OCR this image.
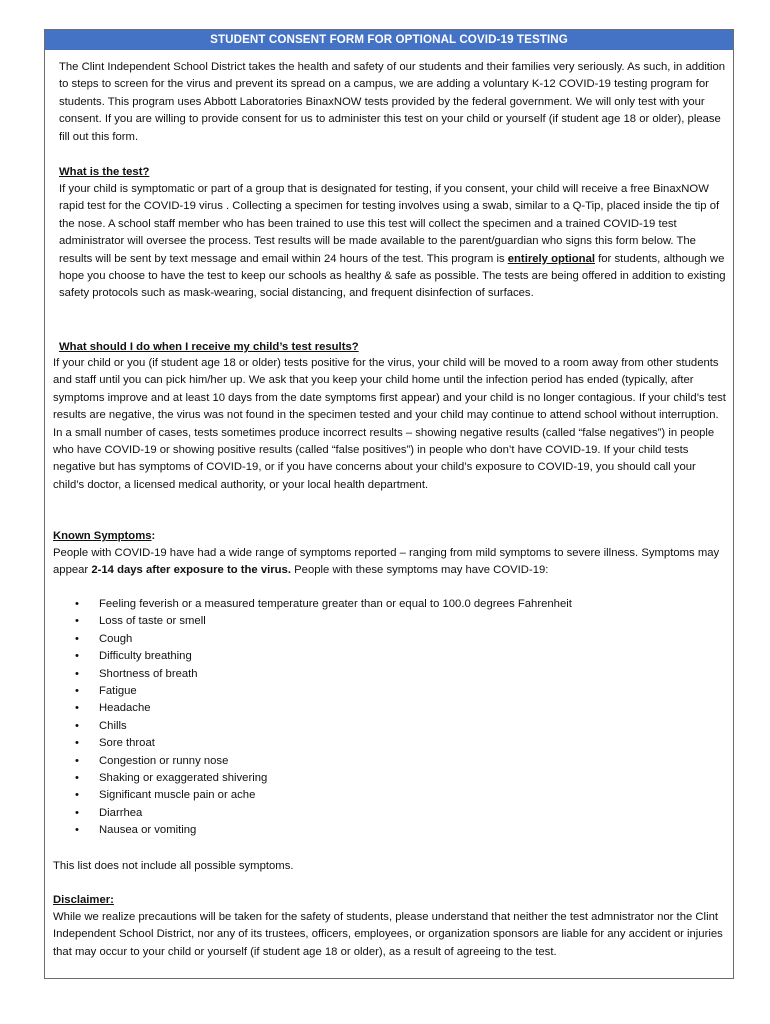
STUDENT CONSENT FORM FOR OPTIONAL COVID-19 TESTING

The Clint Independent School District takes the health and safety of our students and their families very seriously. As such, in addition to steps to screen for the virus and prevent its spread on a campus, we are adding a voluntary K-12 COVID-19 testing program for students. This program uses Abbott Laboratories BinaxNOW tests provided by the federal government. We will only test with your consent. If you are willing to provide consent for us to administer this test on your child or yourself (if student age 18 or older), please fill out this form.

What is the test?

If your child is symptomatic or part of a group that is designated for testing, if you consent, your child will receive a free BinaxNOW rapid test for the COVID-19 virus . Collecting a specimen for testing involves using a swab, similar to a Q-Tip, placed inside the tip of the nose. A school staff member who has been trained to use this test will collect the specimen and a trained COVID-19 test administrator will oversee the process. Test results will be made available to the parent/guardian who signs this form below. The results will be sent by text message and email within 24 hours of the test. This program is entirely optional for students, although we hope you choose to have the test to keep our schools as healthy & safe as possible. The tests are being offered in addition to existing safety protocols such as mask-wearing, social distancing, and frequent disinfection of surfaces.

What should I do when I receive my child’s test results?

If your child or you (if student age 18 or older) tests positive for the virus, your child will be moved to a room away from other students and staff until you can pick him/her up. We ask that you keep your child home until the infection period has ended (typically, after symptoms improve and at least 10 days from the date symptoms first appear) and your child is no longer contagious. If your child’s test results are negative, the virus was not found in the specimen tested and your child may continue to attend school without interruption. In a small number of cases, tests sometimes produce incorrect results – showing negative results (called “false negatives”) in people who have COVID-19 or showing positive results (called “false positives”) in people who don’t have COVID-19. If your child tests negative but has symptoms of COVID-19, or if you have concerns about your child’s exposure to COVID-19, you should call your child’s doctor, a licensed medical authority, or your local health department.

Known Symptoms:

People with COVID-19 have had a wide range of symptoms reported – ranging from mild symptoms to severe illness. Symptoms may appear 2-14 days after exposure to the virus. People with these symptoms may have COVID-19:

• Feeling feverish or a measured temperature greater than or equal to 100.0 degrees Fahrenheit
• Loss of taste or smell
• Cough
• Difficulty breathing
• Shortness of breath
• Fatigue
• Headache
• Chills
• Sore throat
• Congestion or runny nose
• Shaking or exaggerated shivering
• Significant muscle pain or ache
• Diarrhea
• Nausea or vomiting

This list does not include all possible symptoms.

Disclaimer:

While we realize precautions will be taken for the safety of students, please understand that neither the test admnistrator nor the Clint Independent School District, nor any of its trustees, officers, employees, or organization sponsors are liable for any accident or injuries that may occur to your child or yourself (if student age 18 or older), as a result of agreeing to the test.
